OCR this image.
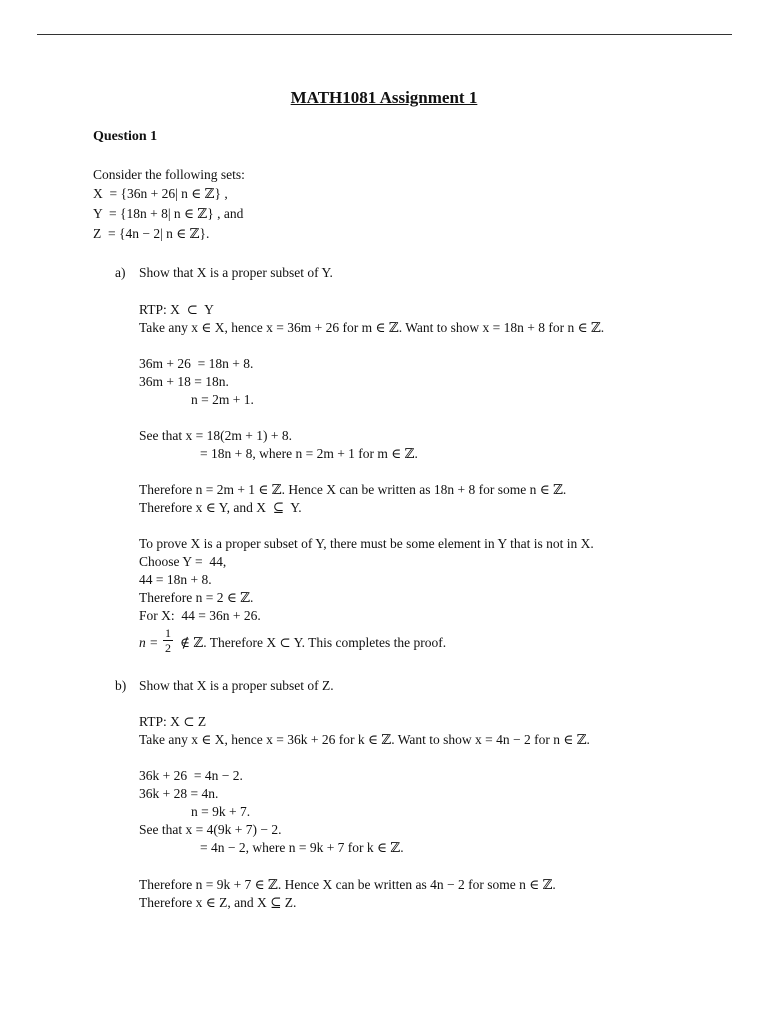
MATH1081 Assignment 1
Question 1
Consider the following sets:
X  = {36n + 26| n ∈ ℤ} ,
Y  = {18n + 8| n ∈ ℤ} , and
Z  = {4n − 2| n ∈ ℤ}.
a) Show that X is a proper subset of Y.
RTP: X  ⊂  Y
Take any x ∈ X, hence x = 36m + 26 for m ∈ ℤ. Want to show x = 18n + 8 for n ∈ ℤ.
36m + 26  = 18n + 8.
36m + 18 = 18n.
n = 2m + 1.
See that x = 18(2m + 1) + 8.
= 18n + 8, where n = 2m + 1 for m ∈ ℤ.
Therefore n = 2m + 1 ∈ ℤ. Hence X can be written as 18n + 8 for some n ∈ ℤ.
Therefore x ∈ Y, and X  ⊆  Y.
To prove X is a proper subset of Y, there must be some element in Y that is not in X.
Choose Y =  44,
44 = 18n + 8.
Therefore n = 2 ∈ ℤ.
For X:  44 = 36n + 26.
n =
1
2 ∉ ℤ. Therefore X ⊂ Y. This completes the proof.
b) Show that X is a proper subset of Z.
RTP: X ⊂ Z
Take any x ∈ X, hence x = 36k + 26 for k ∈ ℤ. Want to show x = 4n − 2 for n ∈ ℤ.
36k + 26  = 4n − 2.
36k + 28 = 4n.
n = 9k + 7.
See that x = 4(9k + 7) − 2.
= 4n − 2, where n = 9k + 7 for k ∈ ℤ.
Therefore n = 9k + 7 ∈ ℤ. Hence X can be written as 4n − 2 for some n ∈ ℤ.
Therefore x ∈ Z, and X ⊆ Z.
